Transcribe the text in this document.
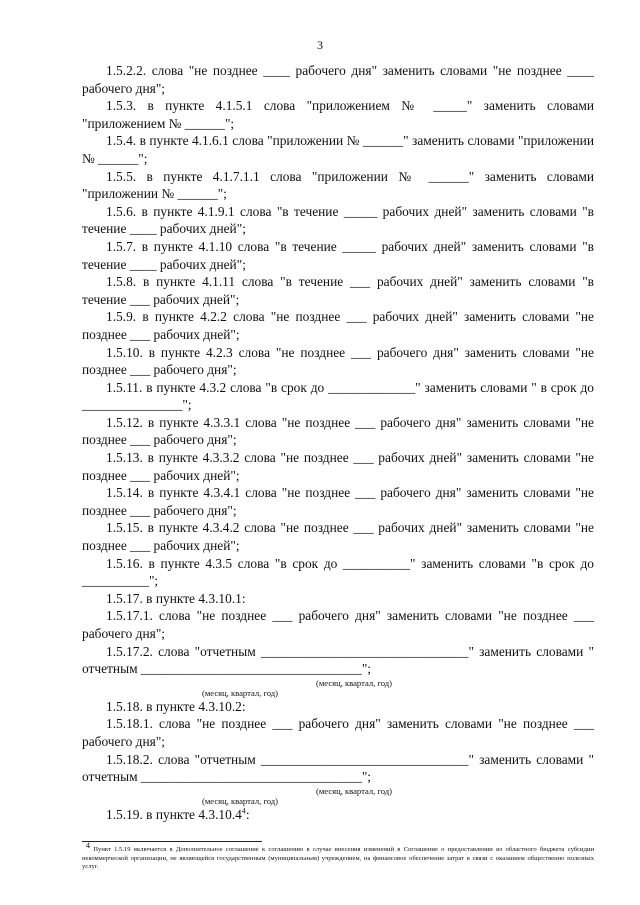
3

1.5.2.2. слова "не позднее ____ рабочего дня" заменить словами "не позднее ____ рабочего дня";

1.5.3. в пункте 4.1.5.1 слова "приложением № _____" заменить словами "приложением № ______";

1.5.4. в пункте 4.1.6.1 слова "приложении № ______" заменить словами "приложении № ______";

1.5.5. в пункте 4.1.7.1.1 слова "приложении № ______" заменить словами "приложении № ______";

1.5.6. в пункте 4.1.9.1 слова "в течение _____ рабочих дней" заменить словами "в течение ____ рабочих дней";

1.5.7. в пункте 4.1.10 слова "в течение _____ рабочих дней" заменить словами "в течение ____ рабочих дней";

1.5.8. в пункте 4.1.11 слова "в течение ___ рабочих дней" заменить словами "в течение ___ рабочих дней";

1.5.9. в пункте 4.2.2 слова "не позднее ___ рабочих дней" заменить словами "не позднее ___ рабочих дней";

1.5.10. в пункте 4.2.3 слова "не позднее ___ рабочего дня" заменить словами "не позднее ___ рабочего дня";

1.5.11. в пункте 4.3.2 слова "в срок до _____________" заменить словами " в срок до _______________";

1.5.12. в пункте 4.3.3.1 слова "не позднее ___ рабочего дня" заменить словами "не позднее ___ рабочего дня";

1.5.13. в пункте 4.3.3.2 слова "не позднее ___ рабочих дней" заменить словами "не позднее ___ рабочих дней";

1.5.14. в пункте 4.3.4.1 слова "не позднее ___ рабочего дня" заменить словами "не позднее ___ рабочего дня";

1.5.15. в пункте 4.3.4.2 слова "не позднее ___ рабочих дней" заменить словами "не позднее ___ рабочих дней";

1.5.16. в пункте 4.3.5 слова "в срок до __________" заменить словами "в срок до __________";

1.5.17. в пункте 4.3.10.1:

1.5.17.1. слова "не позднее ___ рабочего дня" заменить словами "не позднее ___ рабочего дня";

1.5.17.2. слова "отчетным _______________________________" заменить словами " отчетным _________________________________";

(месяц, квартал, год)

(месяц, квартал, год)

1.5.18. в пункте 4.3.10.2:

1.5.18.1. слова "не позднее ___ рабочего дня" заменить словами "не позднее ___ рабочего дня";

1.5.18.2. слова "отчетным _______________________________" заменить словами " отчетным _________________________________";

(месяц, квартал, год)

(месяц, квартал, год)

1.5.19. в пункте 4.3.10.4$^4$:

$^4$ Пункт 1.5.19 включается в Дополнительное соглашение к соглашению в случае внесения изменений в Соглашение о предоставлении из областного бюджета субсидии некоммерческой организации, не являющейся государственным (муниципальным) учреждением, на финансовое обеспечение затрат в связи с оказанием общественно полезных услуг.
